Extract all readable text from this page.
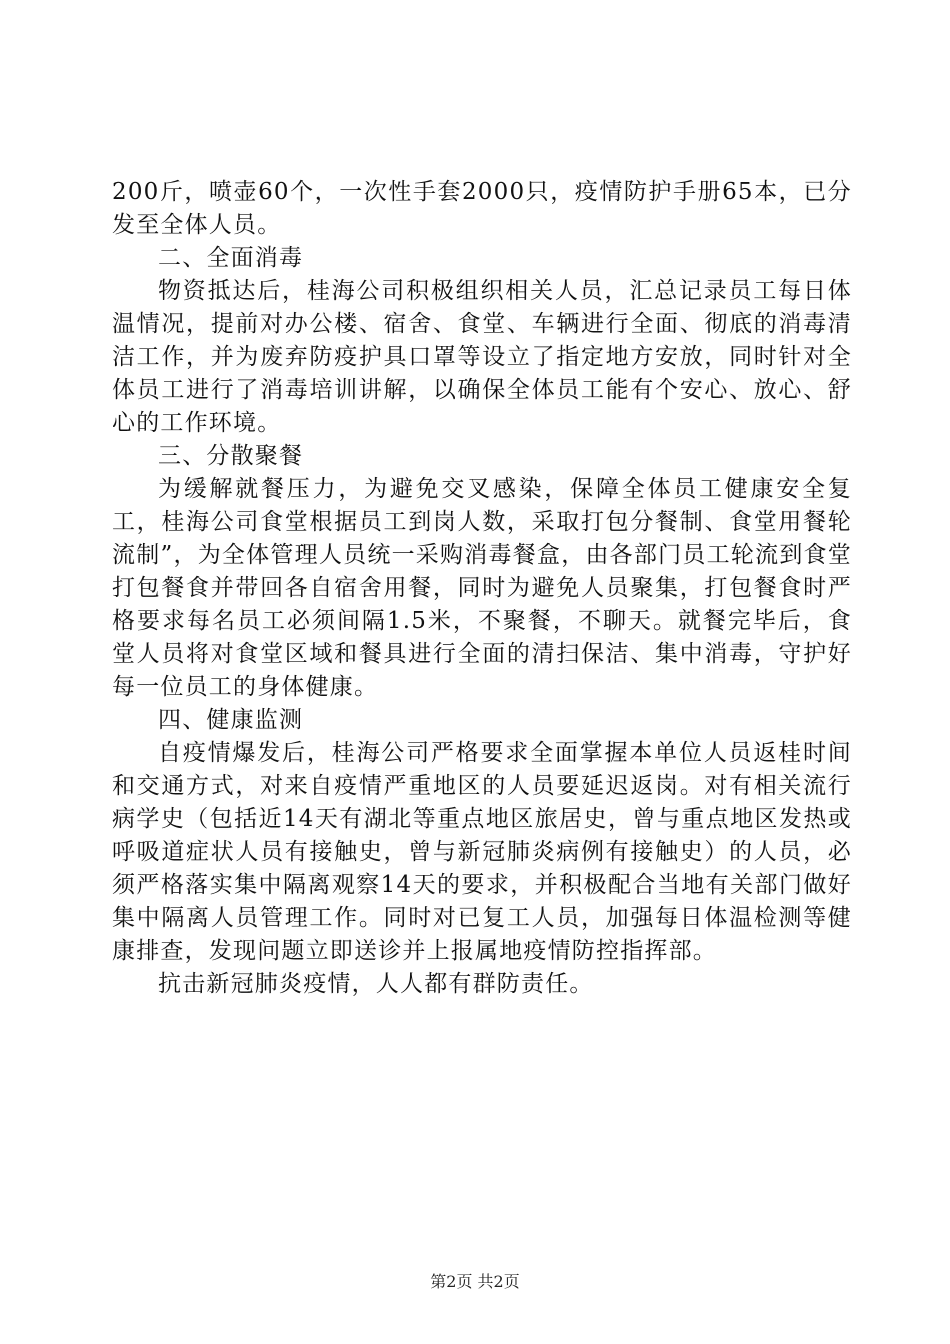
200斤，喷壶60个，一次性手套2000只，疫情防护手册65本，已分发至全体人员。

二、全面消毒

物资抵达后，桂海公司积极组织相关人员，汇总记录员工每日体温情况，提前对办公楼、宿舍、食堂、车辆进行全面、彻底的消毒清洁工作，并为废弃防疫护具口罩等设立了指定地方安放，同时针对全体员工进行了消毒培训讲解，以确保全体员工能有个安心、放心、舒心的工作环境。

三、分散聚餐

为缓解就餐压力，为避免交叉感染，保障全体员工健康安全复工，桂海公司食堂根据员工到岗人数，采取打包分餐制、食堂用餐轮流制”，为全体管理人员统一采购消毒餐盒，由各部门员工轮流到食堂打包餐食并带回各自宿舍用餐，同时为避免人员聚集，打包餐食时严格要求每名员工必须间隔1.5米，不聚餐，不聊天。就餐完毕后，食堂人员将对食堂区域和餐具进行全面的清扫保洁、集中消毒，守护好每一位员工的身体健康。

四、健康监测

自疫情爆发后，桂海公司严格要求全面掌握本单位人员返桂时间和交通方式，对来自疫情严重地区的人员要延迟返岗。对有相关流行病学史（包括近14天有湖北等重点地区旅居史，曾与重点地区发热或呼吸道症状人员有接触史，曾与新冠肺炎病例有接触史）的人员，必须严格落实集中隔离观察14天的要求，并积极配合当地有关部门做好集中隔离人员管理工作。同时对已复工人员，加强每日体温检测等健康排查，发现问题立即送诊并上报属地疫情防控指挥部。

抗击新冠肺炎疫情，人人都有群防责任。

第2页 共2页
